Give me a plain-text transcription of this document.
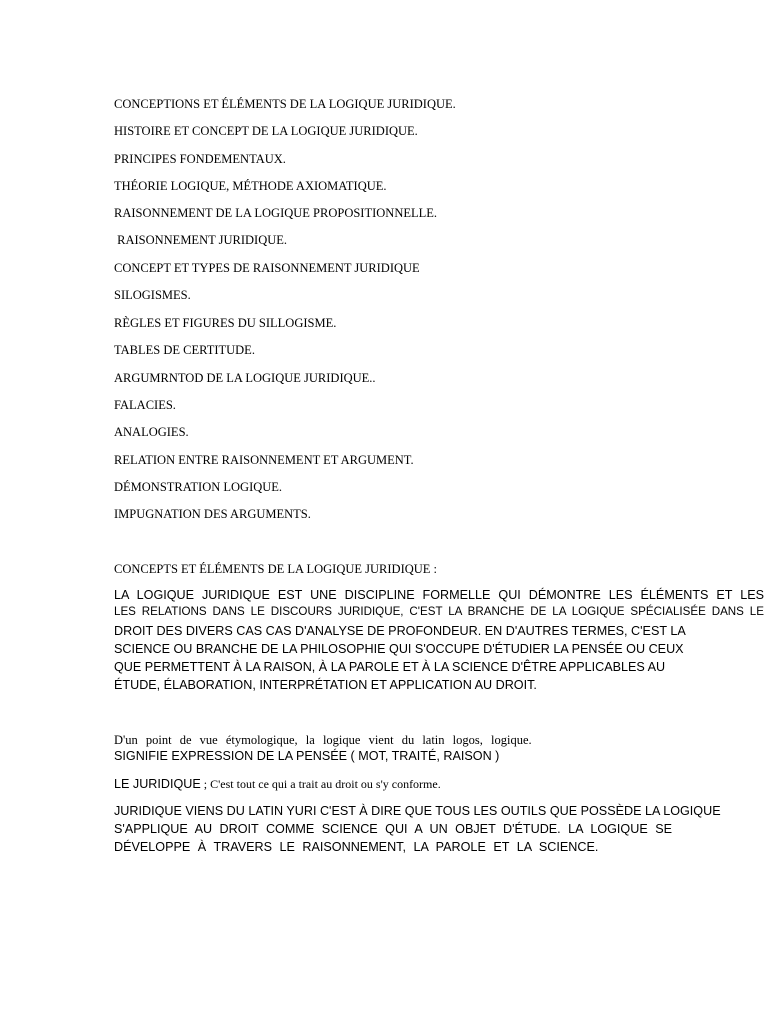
CONCEPTIONS ET ÉLÉMENTS DE LA LOGIQUE JURIDIQUE.
HISTOIRE ET CONCEPT DE LA LOGIQUE JURIDIQUE.
PRINCIPES FONDEMENTAUX.
THÉORIE LOGIQUE, MÉTHODE AXIOMATIQUE.
RAISONNEMENT DE LA LOGIQUE PROPOSITIONNELLE.
RAISONNEMENT JURIDIQUE.
CONCEPT ET TYPES DE RAISONNEMENT JURIDIQUE
SILOGISMES.
RÈGLES ET FIGURES DU SILLOGISME.
TABLES DE CERTITUDE.
ARGUMRNTOD DE LA LOGIQUE JURIDIQUE..
FALACIES.
ANALOGIES.
RELATION ENTRE RAISONNEMENT ET ARGUMENT.
DÉMONSTRATION LOGIQUE.
IMPUGNATION DES ARGUMENTS.
CONCEPTS ET ÉLÉMENTS DE LA LOGIQUE JURIDIQUE :
LA LOGIQUE JURIDIQUE EST UNE DISCIPLINE FORMELLE QUI DÉMONTRE LES ÉLÉMENTS ET LES
LES RELATIONS DANS LE DISCOURS JURIDIQUE, C'EST LA BRANCHE DE LA LOGIQUE SPÉCIALISÉE DANS LE
DROIT DES DIVERS CAS CAS D'ANALYSE DE PROFONDEUR. EN D'AUTRES TERMES, C'EST LA
SCIENCE OU BRANCHE DE LA PHILOSOPHIE QUI S'OCCUPE D'ÉTUDIER LA PENSÉE OU CEUX
QUE PERMETTENT À LA RAISON, À LA PAROLE ET À LA SCIENCE D'ÊTRE APPLICABLES AU
ÉTUDE, ÉLABORATION, INTERPRÉTATION ET APPLICATION AU DROIT.
D'un point de vue étymologique, la logique vient du latin logos, logique.
SIGNIFIE EXPRESSION DE LA PENSÉE ( MOT, TRAITÉ, RAISON )
LE JURIDIQUE ; C'est tout ce qui a trait au droit ou s'y conforme.
JURIDIQUE VIENS DU LATIN YURI C'EST À DIRE QUE TOUS LES OUTILS QUE POSSÈDE LA LOGIQUE
S'APPLIQUE AU DROIT COMME SCIENCE QUI A UN OBJET D'ÉTUDE. LA LOGIQUE SE
DÉVELOPPE À TRAVERS LE RAISONNEMENT, LA PAROLE ET LA SCIENCE.
